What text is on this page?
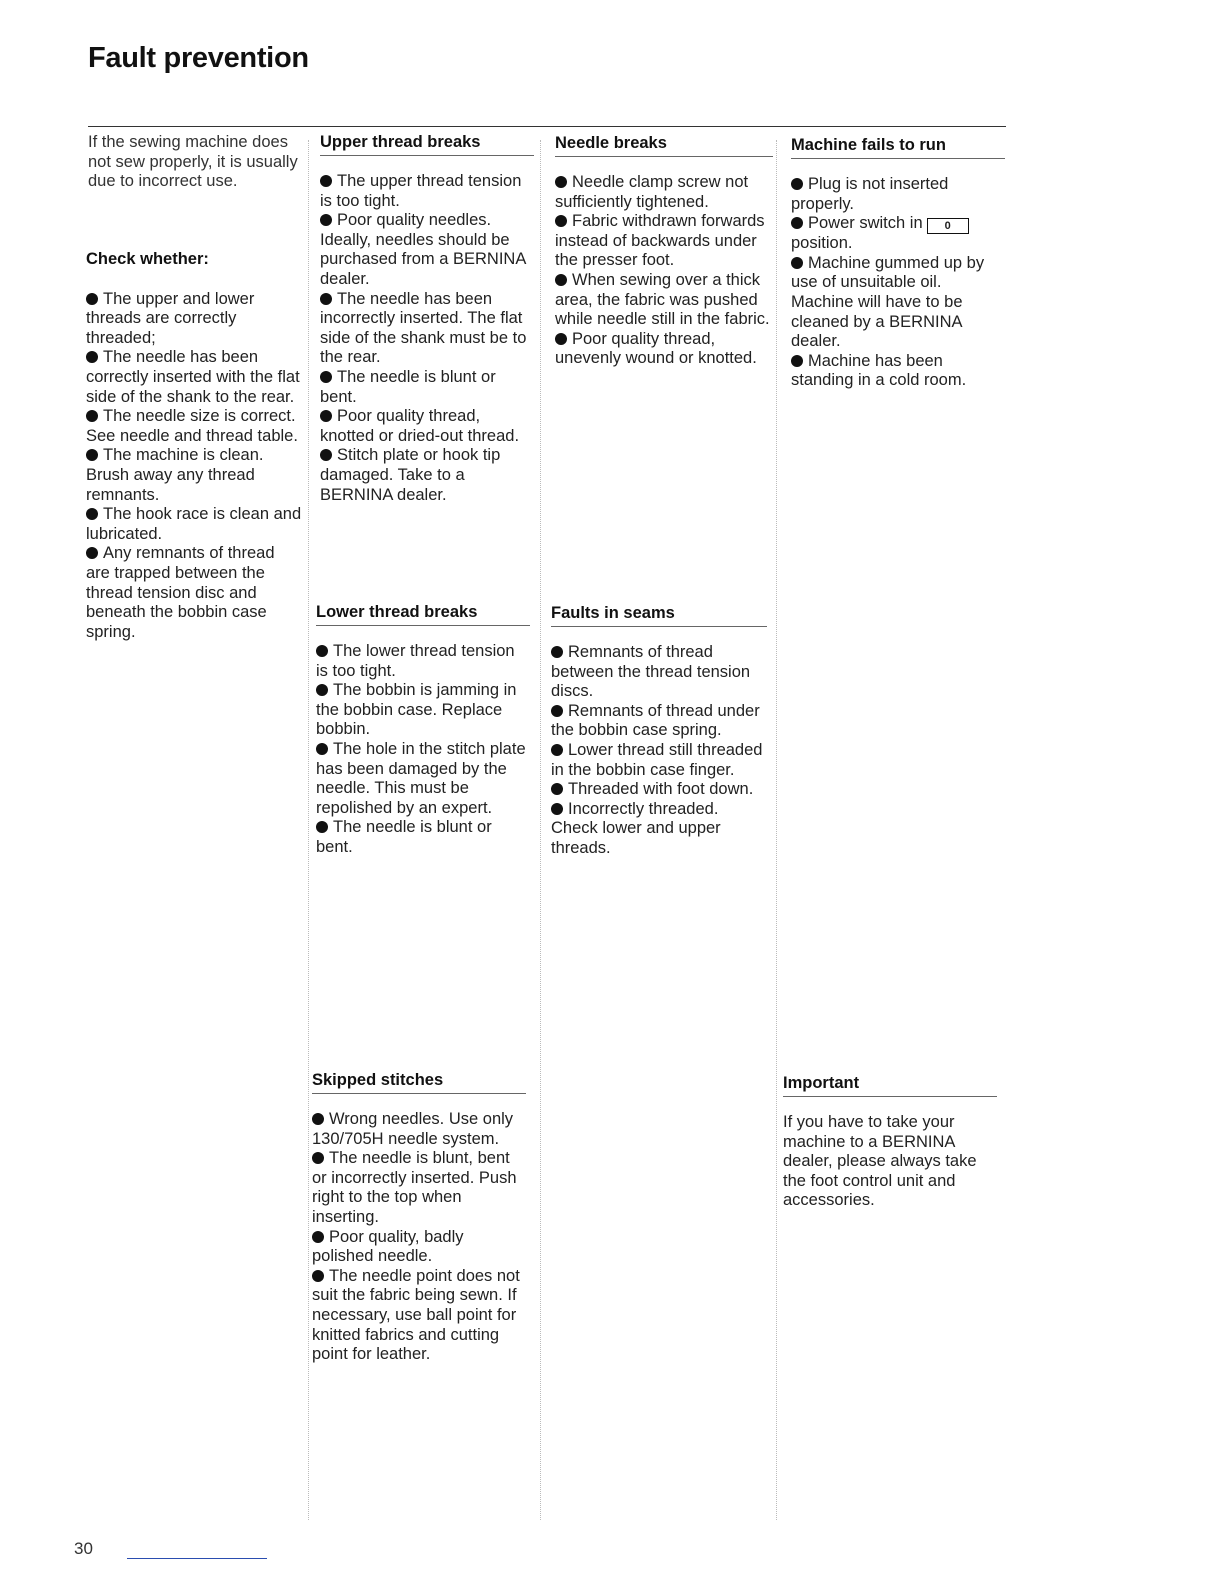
Fault prevention

If the sewing machine does not sew properly, it is usually due to incorrect use.

Check whether:

The upper and lower threads are correctly threaded;
The needle has been correctly inserted with the flat side of the shank to the rear.
The needle size is correct. See needle and thread table.
The machine is clean. Brush away any thread remnants.
The hook race is clean and lubricated.
Any remnants of thread are trapped between the thread tension disc and beneath the bobbin case spring.
Upper thread breaks
The upper thread tension is too tight.
Poor quality needles. Ideally, needles should be purchased from a BERNINA dealer.
The needle has been incorrectly inserted. The flat side of the shank must be to the rear.
The needle is blunt or bent.
Poor quality thread, knotted or dried-out thread.
Stitch plate or hook tip damaged. Take to a BERNINA dealer.
Lower thread breaks
The lower thread tension is too tight.
The bobbin is jamming in the bobbin case. Replace bobbin.
The hole in the stitch plate has been damaged by the needle. This must be repolished by an expert.
The needle is blunt or bent.
Skipped stitches
Wrong needles. Use only 130/705H needle system.
The needle is blunt, bent or incorrectly inserted. Push right to the top when inserting.
Poor quality, badly polished needle.
The needle point does not suit the fabric being sewn. If necessary, use ball point for knitted fabrics and cutting point for leather.
Needle breaks
Needle clamp screw not sufficiently tightened.
Fabric withdrawn forwards instead of backwards under the presser foot.
When sewing over a thick area, the fabric was pushed while needle still in the fabric.
Poor quality thread, unevenly wound or knotted.
Faults in seams
Remnants of thread between the thread tension discs.
Remnants of thread under the bobbin case spring.
Lower thread still threaded in the bobbin case finger.
Threaded with foot down.
Incorrectly threaded. Check lower and upper threads.
Machine fails to run
Plug is not inserted properly.
Power switch in 0 position.
Machine gummed up by use of unsuitable oil. Machine will have to be cleaned by a BERNINA dealer.
Machine has been standing in a cold room.
Important

If you have to take your machine to a BERNINA dealer, please always take the foot control unit and accessories.

30
